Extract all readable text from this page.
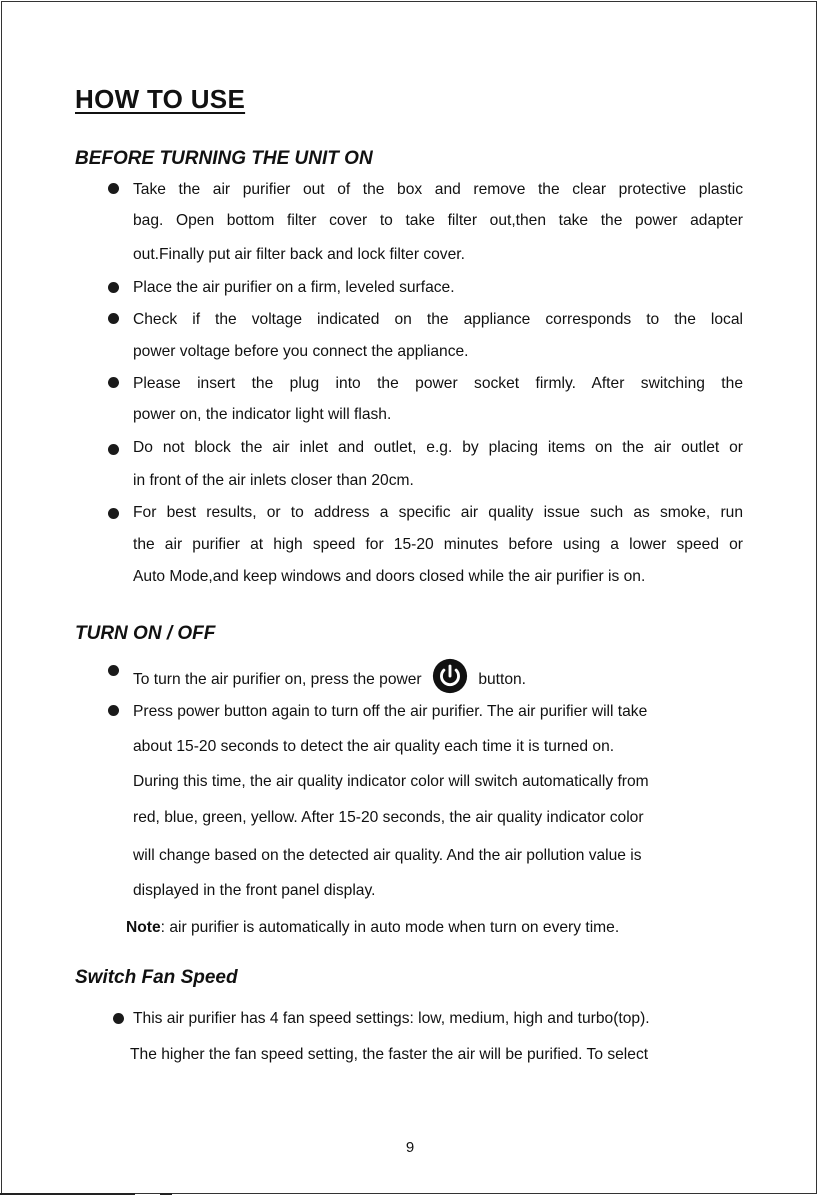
HOW TO USE
BEFORE TURNING THE UNIT ON
Take the air purifier out of the box and remove the clear protective plastic
bag. Open bottom filter cover to take filter out,then take the power adapter
out.Finally put air filter back and lock filter cover.
Place the air purifier on a firm, leveled surface.
Check if the voltage indicated on the appliance corresponds to the local
power voltage before you connect the appliance.
Please insert the plug into the power socket firmly. After switching the
power on, the indicator light will flash.
Do not block the air inlet and outlet, e.g. by placing items on the air outlet or
in front of the air inlets closer than 20cm.
For best results, or to address a specific air quality issue such as smoke, run
the air purifier at high speed for 15-20 minutes before using a lower speed or
Auto Mode,and keep windows and doors closed while the air purifier is on.
TURN ON / OFF
To turn the air purifier on, press the power	button.
Press power button again to turn off the air purifier. The air purifier will take
about 15-20 seconds to detect the air quality each time it is turned on.
During this time, the air quality indicator color will switch automatically from
red, blue, green, yellow. After 15-20 seconds, the air quality indicator color
will change based on the detected air quality. And the air pollution value is
displayed in the front panel display.
Note: air purifier is automatically in auto mode when turn on every time.
Switch Fan Speed
This air purifier has 4 fan speed settings: low, medium, high and turbo(top).
The higher the fan speed setting, the faster the air will be purified. To select
9
